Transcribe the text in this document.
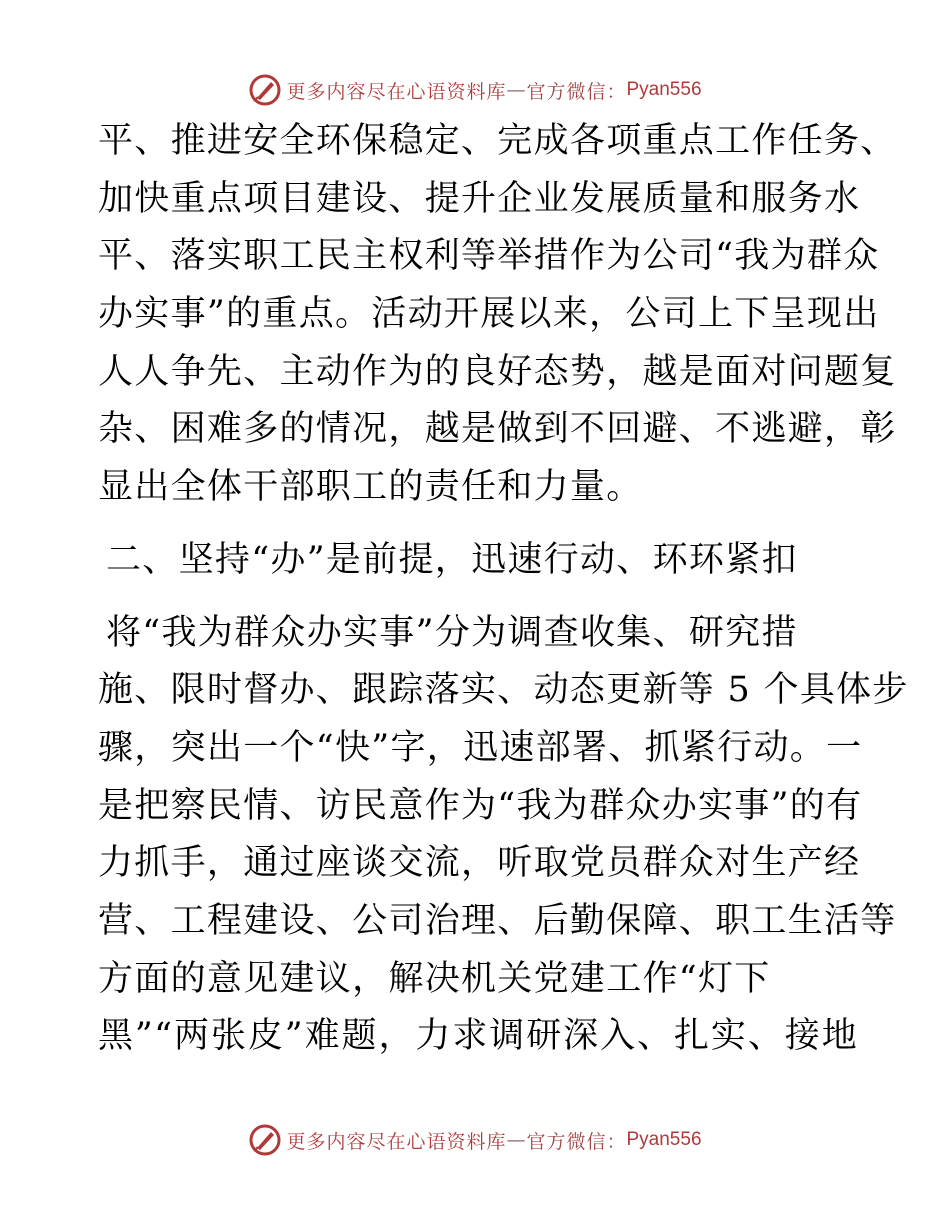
更多内容尽在心语资料库 — 官方微信： Pyan556
平、推进安全环保稳定、完成各项重点工作任务、
加快重点项目建设、提升企业发展质量和服务水
平、落实职工民主权利等举措作为公司“我为群众
办实事”的重点。活动开展以来，公司上下呈现出
人人争先、主动作为的良好态势，越是面对问题复
杂、困难多的情况，越是做到不回避、不逃避，彰
显出全体干部职工的责任和力量。
二、坚持“办”是前提，迅速行动、环环紧扣
将“我为群众办实事”分为调查收集、研究措
施、限时督办、跟踪落实、动态更新等 5 个具体步
骤，突出一个“快”字，迅速部署、抓紧行动。一
是把察民情、访民意作为“我为群众办实事”的有
力抓手，通过座谈交流，听取党员群众对生产经
营、工程建设、公司治理、后勤保障、职工生活等
方面的意见建议，解决机关党建工作“灯下
黑”“两张皮”难题，力求调研深入、扎实、接地
更多内容尽在心语资料库 — 官方微信： Pyan556
